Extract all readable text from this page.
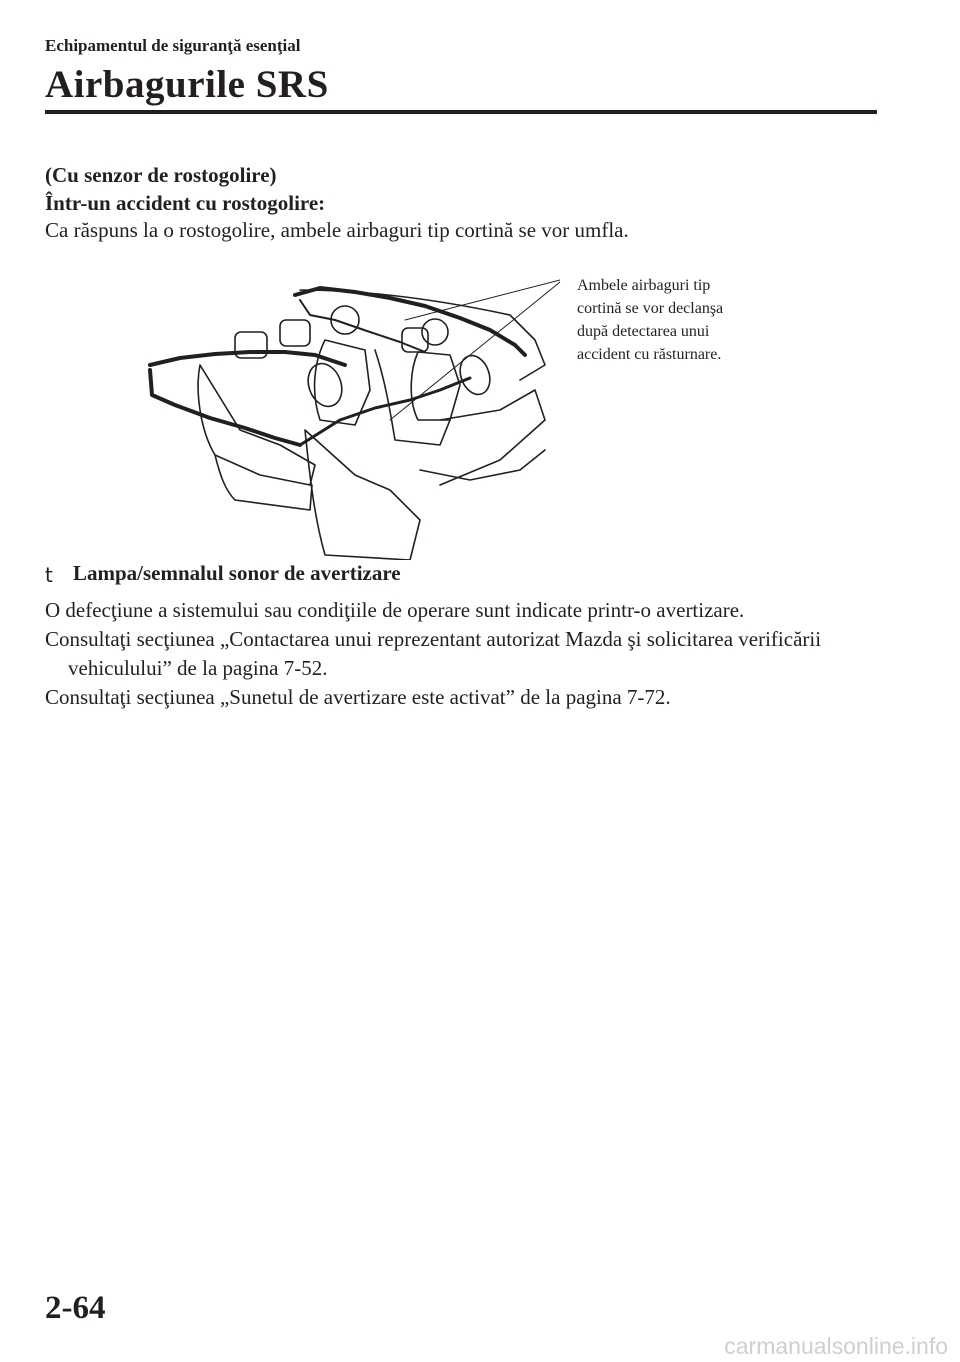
Echipamentul de siguranţă esenţial
Airbagurile SRS
(Cu senzor de rostogolire)
Într-un accident cu rostogolire:
Ca răspuns la o rostogolire, ambele airbaguri tip cortină se vor umfla.
Ambele airbaguri tip
cortină se vor declanşa
după detectarea unui
accident cu răsturnare.
t Lampa/semnalul sonor de avertizare
O defecţiune a sistemului sau condiţiile de operare sunt indicate printr-o avertizare.
Consultaţi secţiunea „Contactarea unui reprezentant autorizat Mazda şi solicitarea verificării
vehiculului” de la pagina 7-52.
Consultaţi secţiunea „Sunetul de avertizare este activat” de la pagina 7-72.
2-64
carmanualsonline.info
